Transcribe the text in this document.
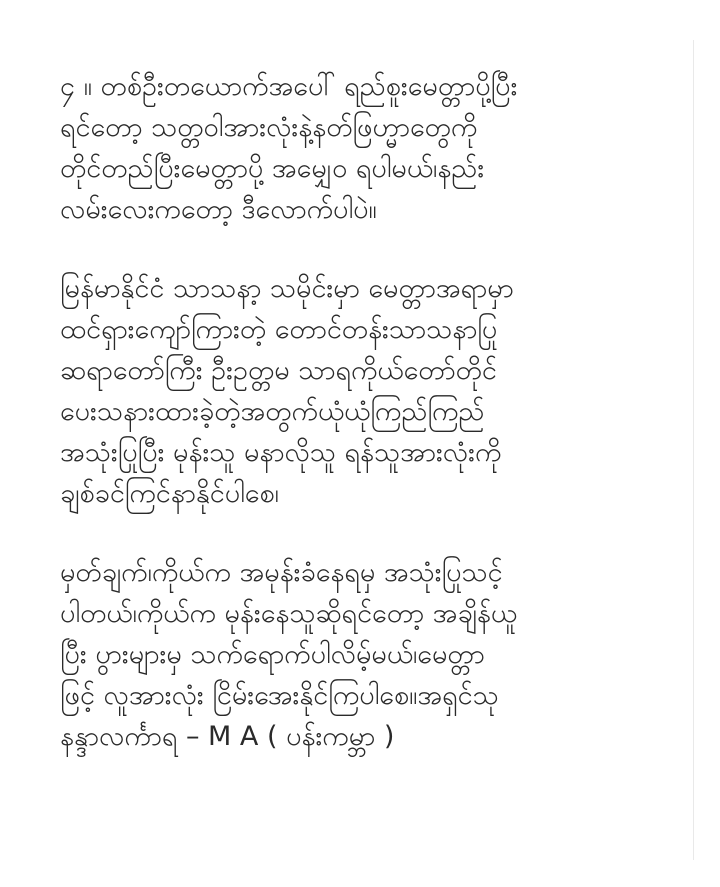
၄ ။ တစ်ဦးတယောက်အပေါ် ရည်စူးမေတ္တာပို့ပြီး
ရင်တော့ သတ္တဝါအားလုံးနဲ့နတ်ဖြဟ္မာတွေကို
တိုင်တည်ပြီးမေတ္တာပို့ အမျှေဝ ရပါမယ်၊နည်း
လမ်းလေးကတော့ ဒီလောက်ပါပဲ။

မြန်မာနိုင်ငံ သာသနာ့ သမိုင်းမှာ မေတ္တာအရာမှာ
ထင်ရှားကျော်ကြားတဲ့ တောင်တန်းသာသနာပြု
ဆရာတော်ကြီး ဦးဥတ္တမ သာရကိုယ်တော်တိုင်
ပေးသနားထားခဲ့တဲ့အတွက်ယုံယုံကြည်ကြည်
အသုံးပြုပြီး မုန်းသူ မနာလိုသူ ရန်သူအားလုံးကို
ချစ်ခင်ကြင်နာနိုင်ပါစေ၊

မှတ်ချက်၊ကိုယ်က အမုန်းခံနေရမှ အသုံးပြုသင့်
ပါတယ်၊ကိုယ်က မုန်းနေသူဆိုရင်တော့ အချိန်ယူ
ပြီး ပွားများမှ သက်ရောက်ပါလိမ့်မယ်၊မေတ္တာ
ဖြင့် လူအားလုံး ငြိမ်းအေးနိုင်ကြပါစေ။အရှင်သု
နန္ဒာလင်္ကာရ – M A ( ပန်းကမ္ဘာ )
